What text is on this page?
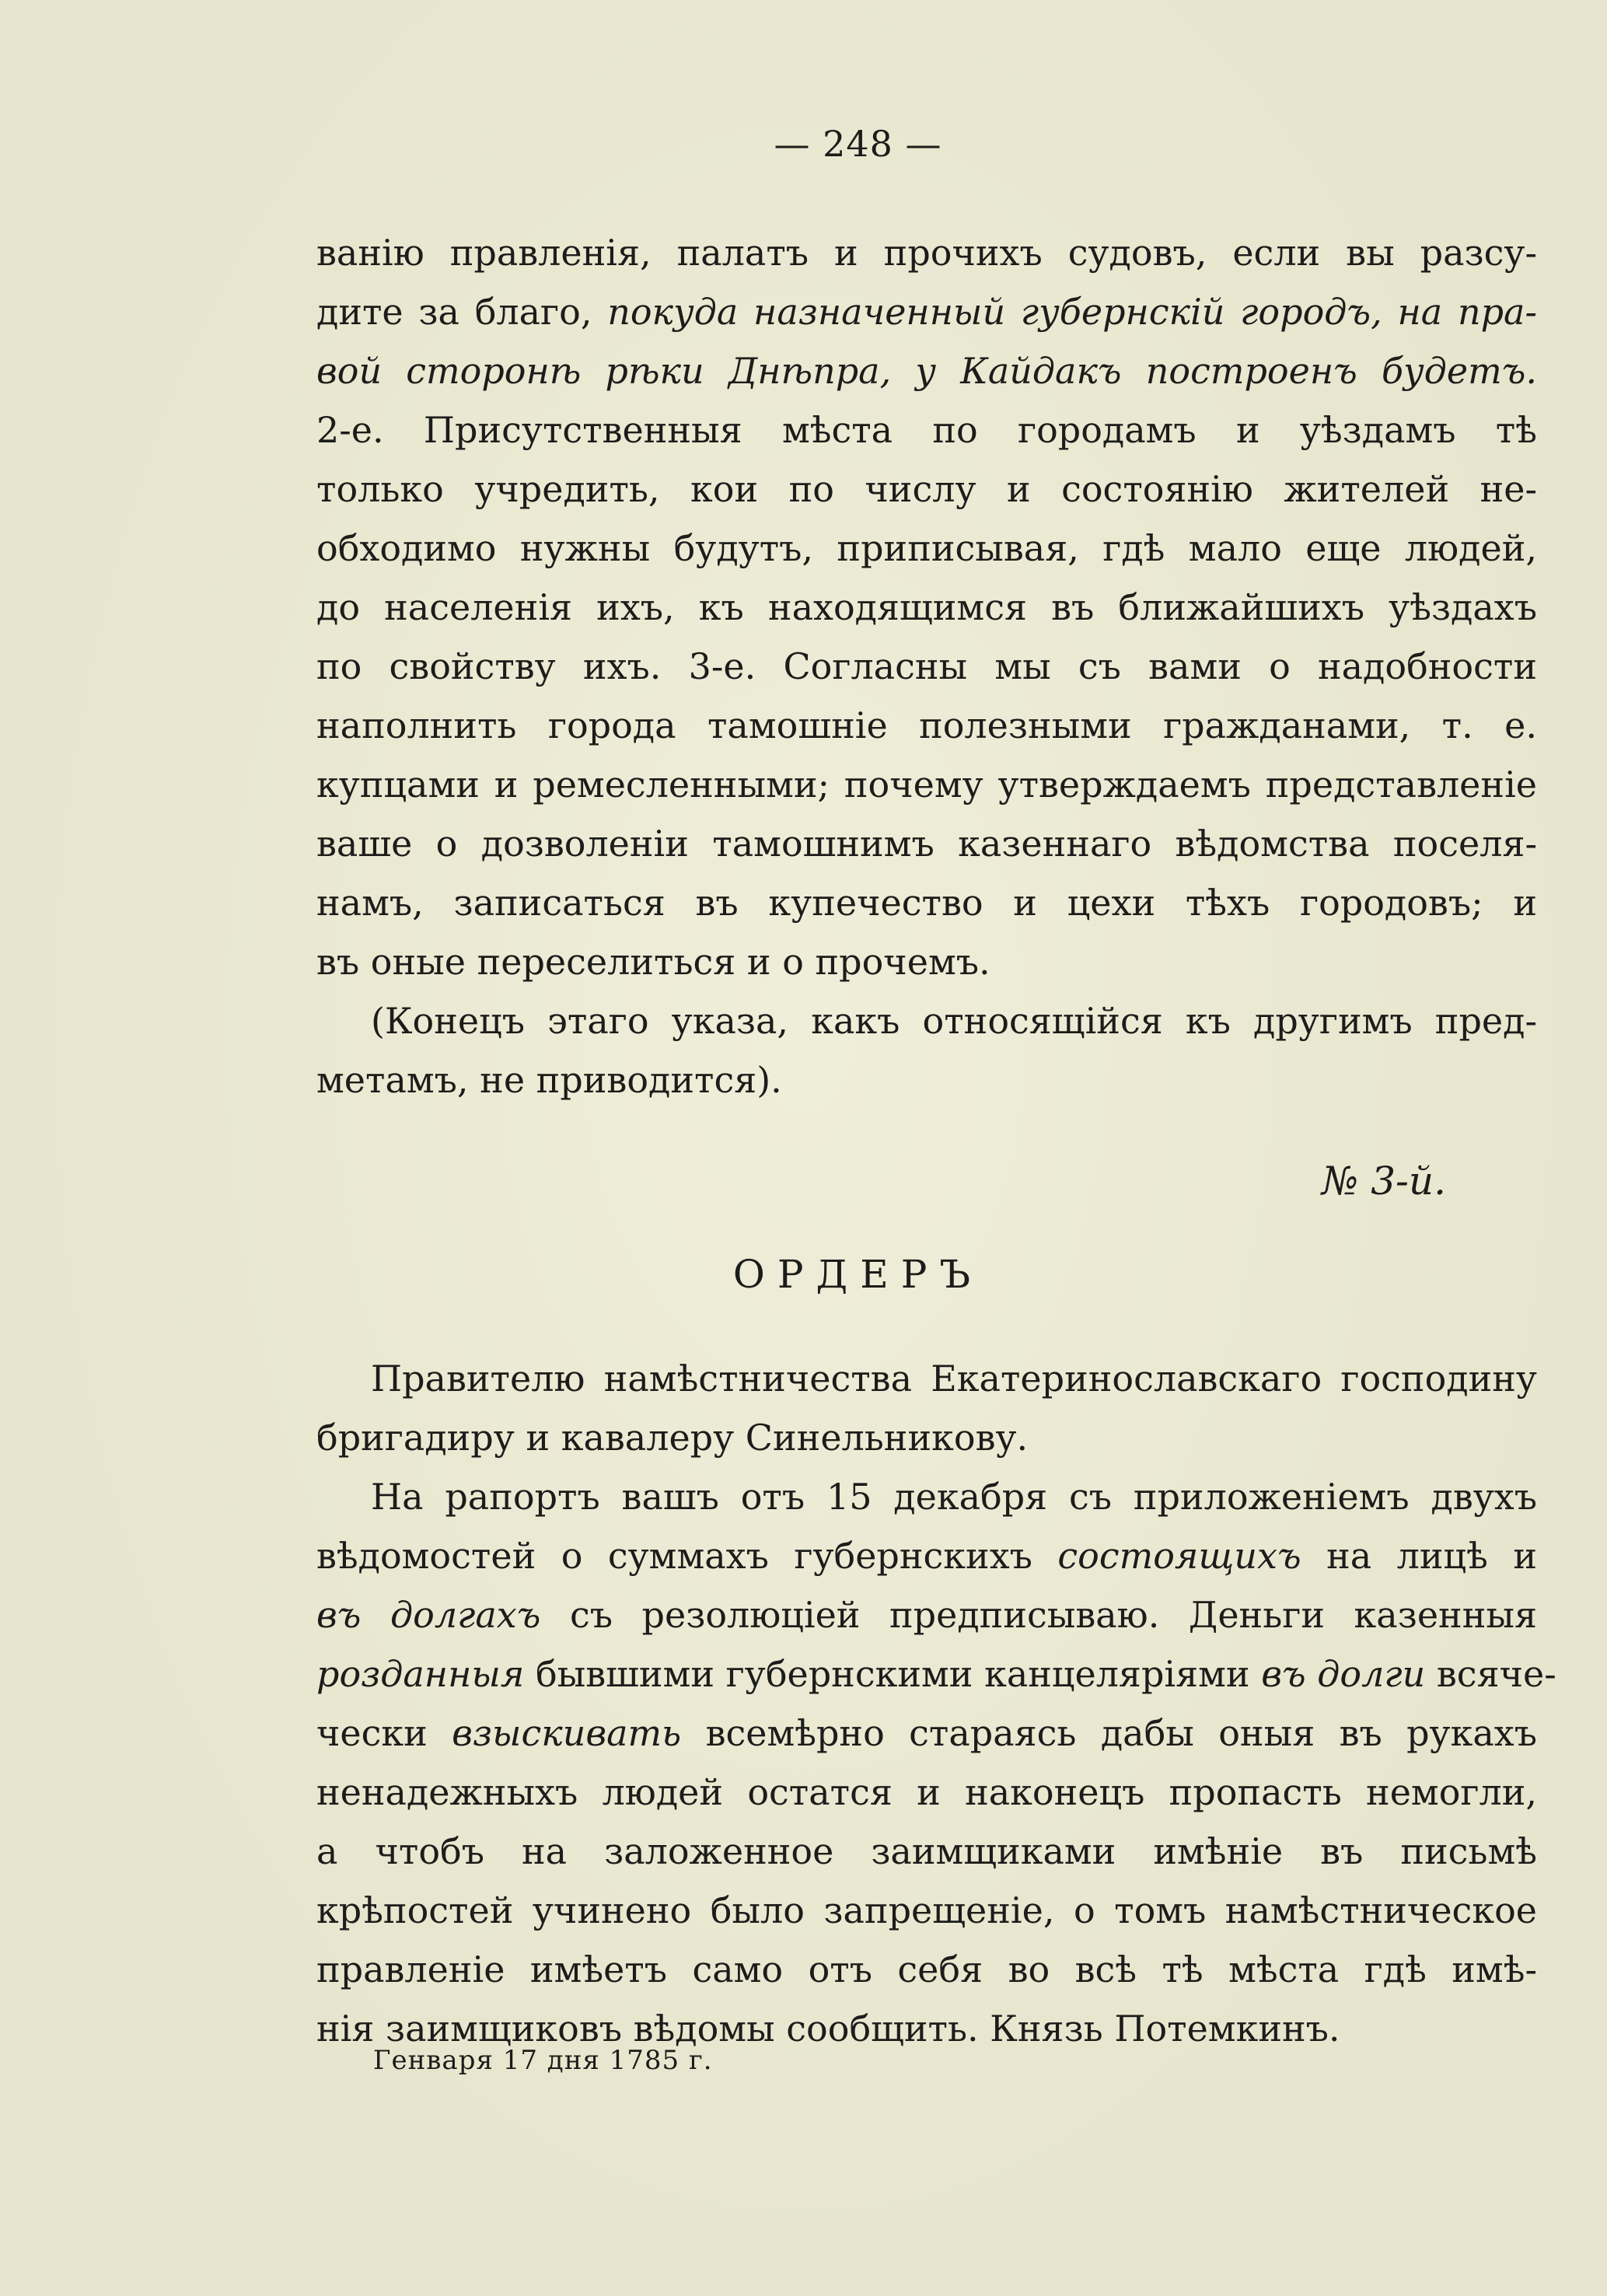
— 248 —
ванію правленія, палатъ и прочихъ судовъ, если вы разсу-
дите за благо, покуда назначенный губернскій городъ, на пра-
вой сторонѣ рѣки Днѣпра, у Кайдакъ построенъ будетъ.
2-е. Присутственныя мѣста по городамъ и уѣздамъ тѣ
только учредить, кои по числу и состоянію жителей не-
обходимо нужны будутъ, приписывая, гдѣ мало еще людей,
до населенія ихъ, къ находящимся въ ближайшихъ уѣздахъ
по свойству ихъ. 3-е. Согласны мы съ вами о надобности
наполнить города тамошніе полезными гражданами, т. е.
купцами и ремесленными; почему утверждаемъ представленіе
ваше о дозволеніи тамошнимъ казеннаго вѣдомства поселя-
намъ, записаться въ купечество и цехи тѣхъ городовъ; и
въ оные переселиться и о прочемъ.
(Конецъ этаго указа, какъ относящійся къ другимъ пред-
метамъ, не приводится).
№ 3-й.
ОРДЕРЪ
Правителю намѣстничества Екатеринославскаго господину
бригадиру и кавалеру Синельникову.
На рапортъ вашъ отъ 15 декабря съ приложеніемъ двухъ
вѣдомостей о суммахъ губернскихъ состоящихъ на лицѣ и
въ долгахъ съ резолюціей предписываю. Деньги казенныя
розданныя бывшими губернскими канцеляріями въ долги всяче-
чески взыскивать всемѣрно стараясь дабы оныя въ рукахъ
ненадежныхъ людей остатся и наконецъ пропасть немогли,
а чтобъ на заложенное заимщиками имѣніе въ письмѣ
крѣпостей учинено было запрещеніе, о томъ намѣстническое
правленіе имѣетъ само отъ себя во всѣ тѣ мѣста гдѣ имѣ-
нія заимщиковъ вѣдомы сообщить. Князь Потемкинъ.
Генваря 17 дня 1785 г.
